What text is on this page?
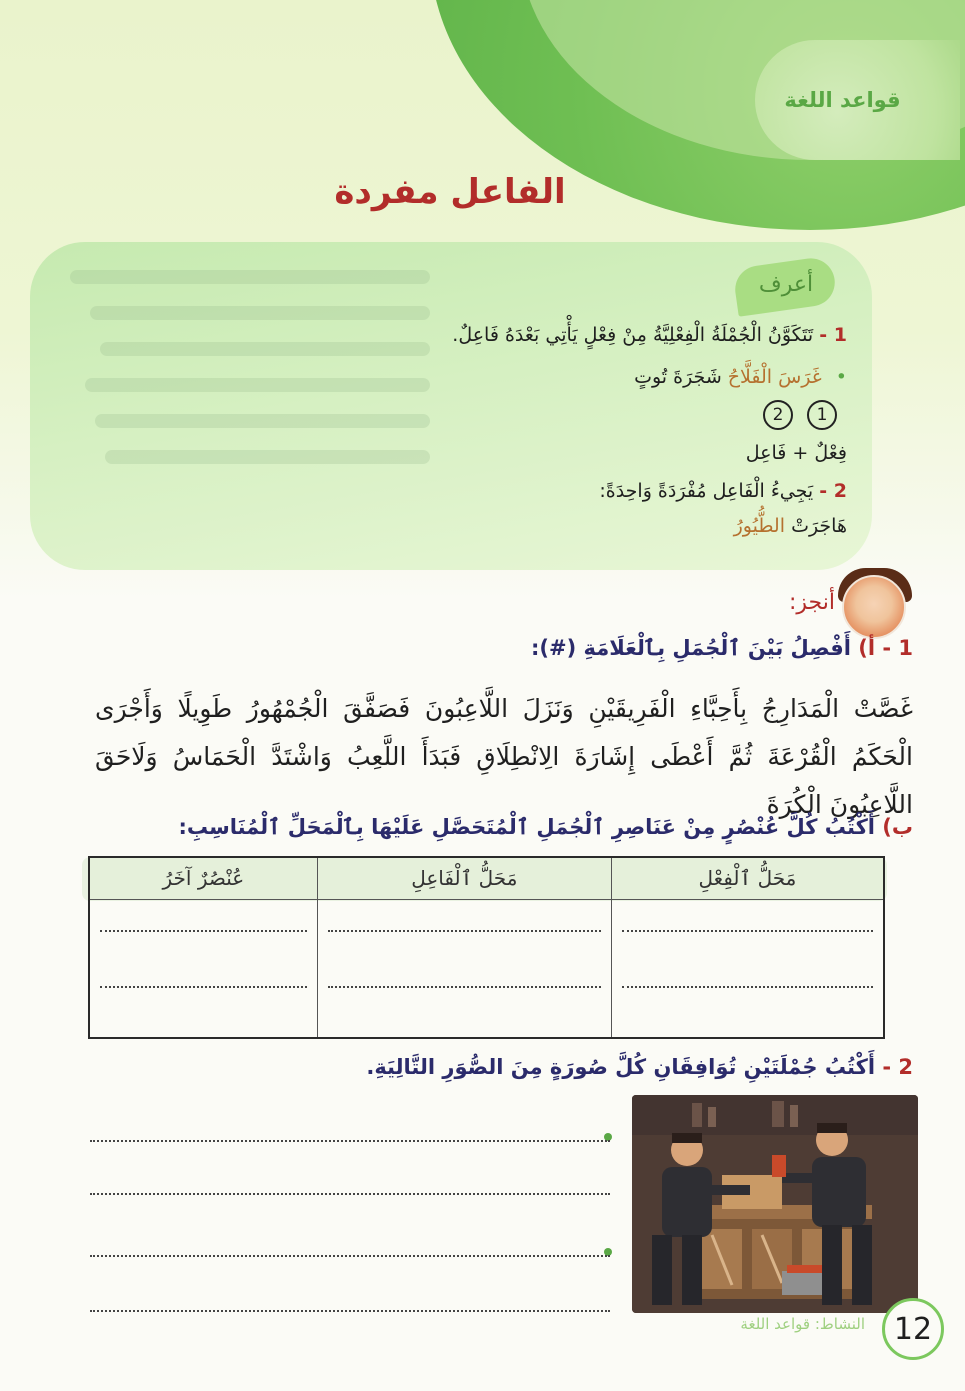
قواعد اللغة
الفاعل مفردة
أعرف
1 - تَتَكَوَّنُ الْجُمْلَةُ الْفِعْلِيَّةُ مِنْ فِعْلٍ يَأْتِي بَعْدَهُ فَاعِلٌ.
• غَرَسَ الْفَلَّاحُ شَجَرَةَ تُوتٍ
1
2
فِعْلٌ + فَاعِل
2 - يَجِيءُ الْفَاعِل مُفْرَدَةً وَاحِدَةً:
هَاجَرَتْ الطُّيُورُ
أنجز:
1 - أ) أَفْصِلُ بَيْنَ ٱلْجُمَلِ بِٱلْعَلَامَةِ (#):
غَصَّتْ الْمَدَارِجُ بِأَحِبَّاءِ الْفَرِيقَيْنِ وَنَزَلَ اللَّاعِبُونَ فَصَفَّقَ الْجُمْهُورُ طَوِيلًا وَأَجْرَى الْحَكَمُ الْقُرْعَةَ ثُمَّ أَعْطَى إِشَارَةَ الِانْطِلَاقِ فَبَدَأَ اللَّعِبُ وَاشْتَدَّ الْحَمَاسُ وَلَاحَقَ اللَّاعِبُونَ الْكُرَةَ
ب) أَكْتُبُ كُلَّ عُنْصُرٍ مِنْ عَنَاصِرِ ٱلْجُمَلِ ٱلْمُتَحَصَّلِ عَلَيْهَا بِٱلْمَحَلِّ ٱلْمُنَاسِبِ:
مَحَلُّ ٱلْفِعْلِ	مَحَلُّ ٱلْفَاعِلِ	عُنْصُرٌ آخَرُ

2 - أَكْتُبُ جُمْلَتَيْنِ تُوَافِقَانِ كُلَّ صُورَةٍ مِنَ الصُّوَرِ التَّالِيَةِ.
النشاط: قواعد اللغة 12
